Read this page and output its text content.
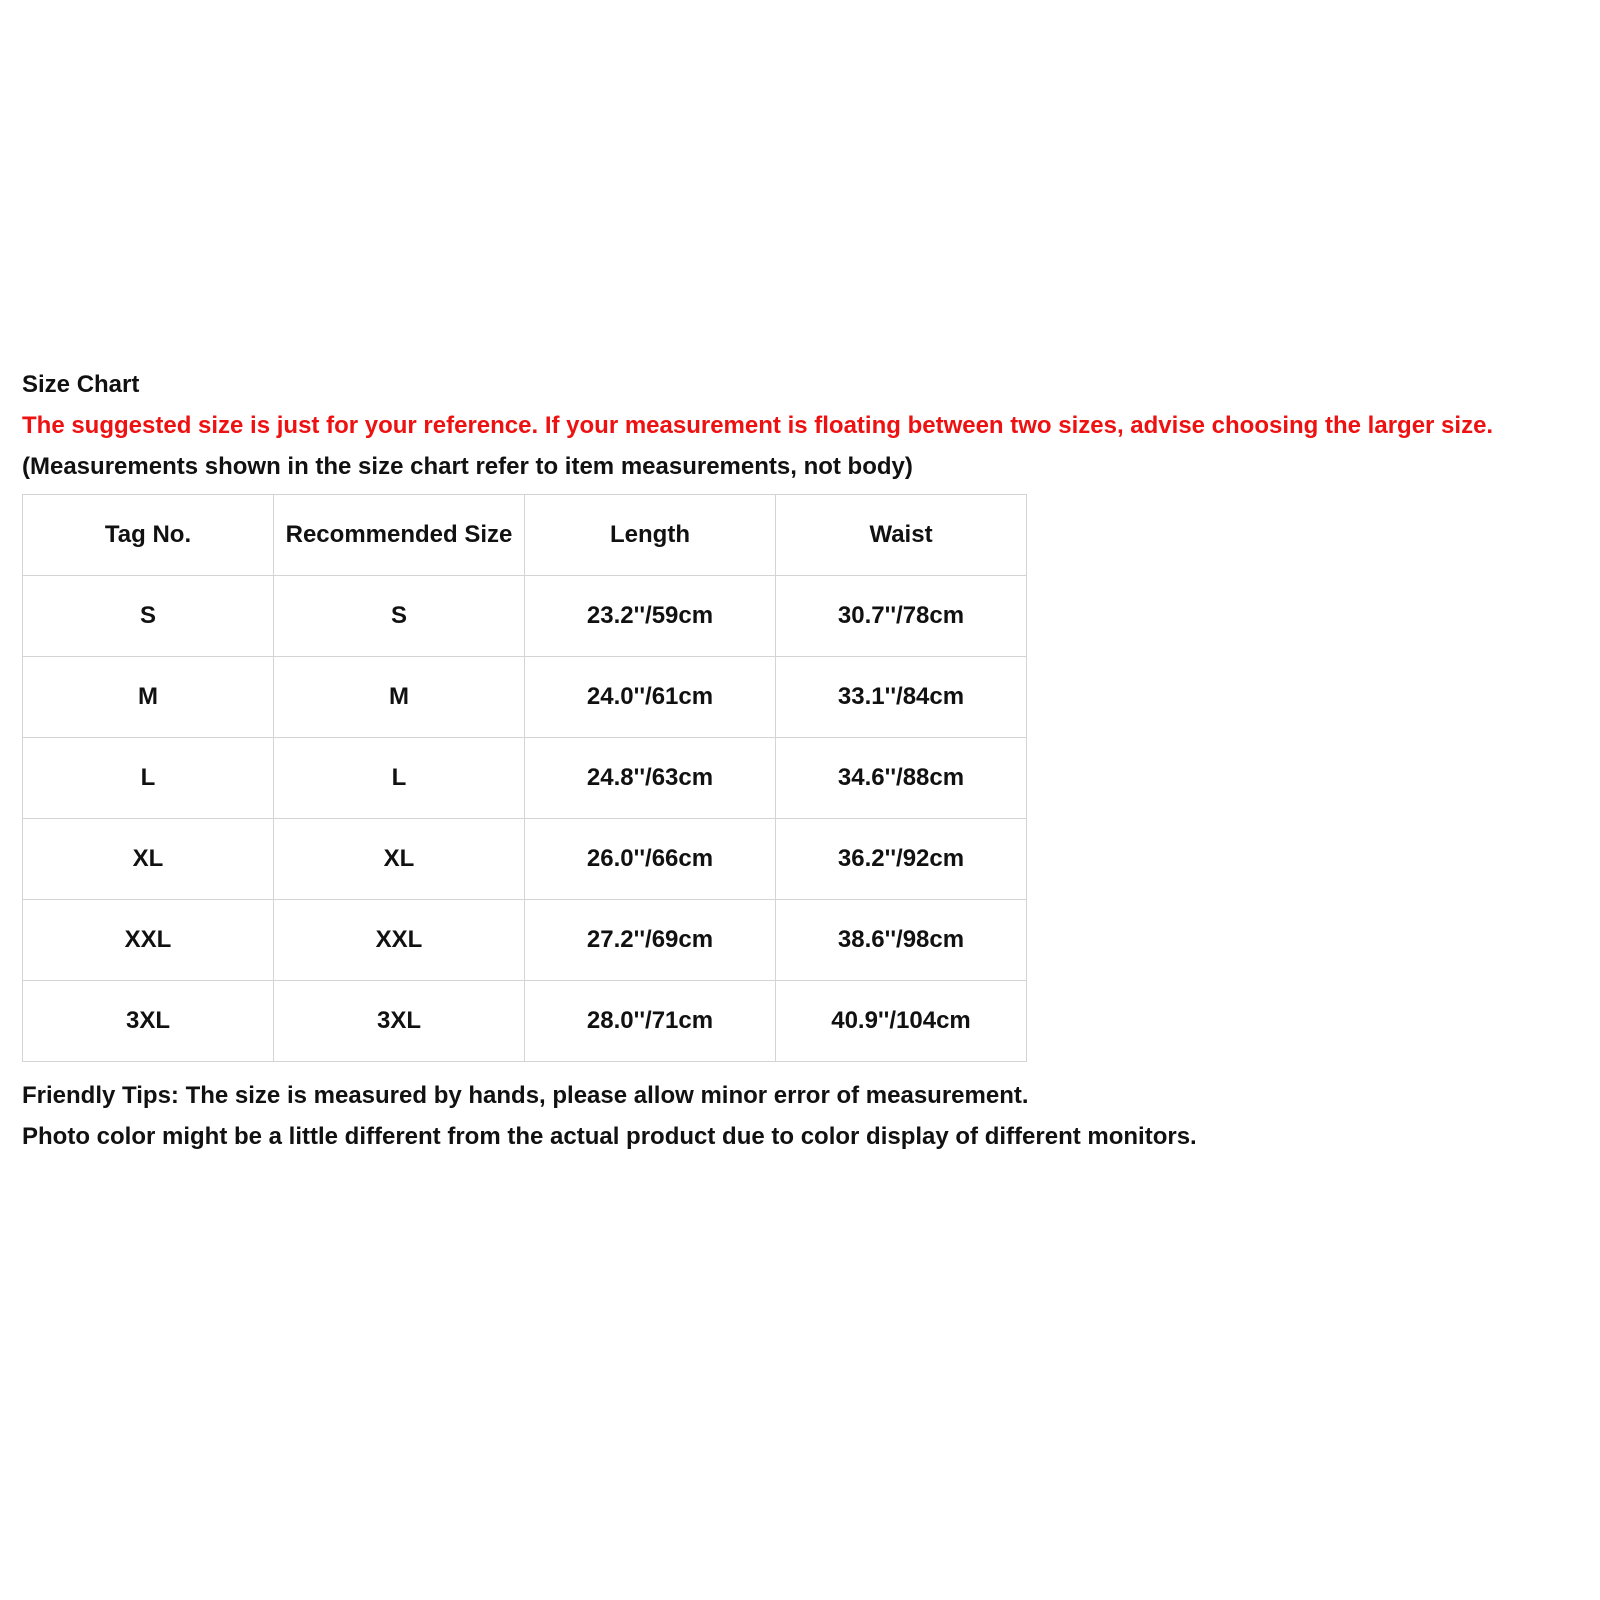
Size Chart

The suggested size is just for your reference. If your measurement is floating between two sizes, advise choosing the larger size.

(Measurements shown in the size chart refer to item measurements, not body)

Tag No.	Recommended Size	Length	Waist
S	S	23.2''/59cm	30.7''/78cm
M	M	24.0''/61cm	33.1''/84cm
L	L	24.8''/63cm	34.6''/88cm
XL	XL	26.0''/66cm	36.2''/92cm
XXL	XXL	27.2''/69cm	38.6''/98cm
3XL	3XL	28.0''/71cm	40.9''/104cm

Friendly Tips: The size is measured by hands, please allow minor error of measurement.

Photo color might be a little different from the actual product due to color display of different monitors.
